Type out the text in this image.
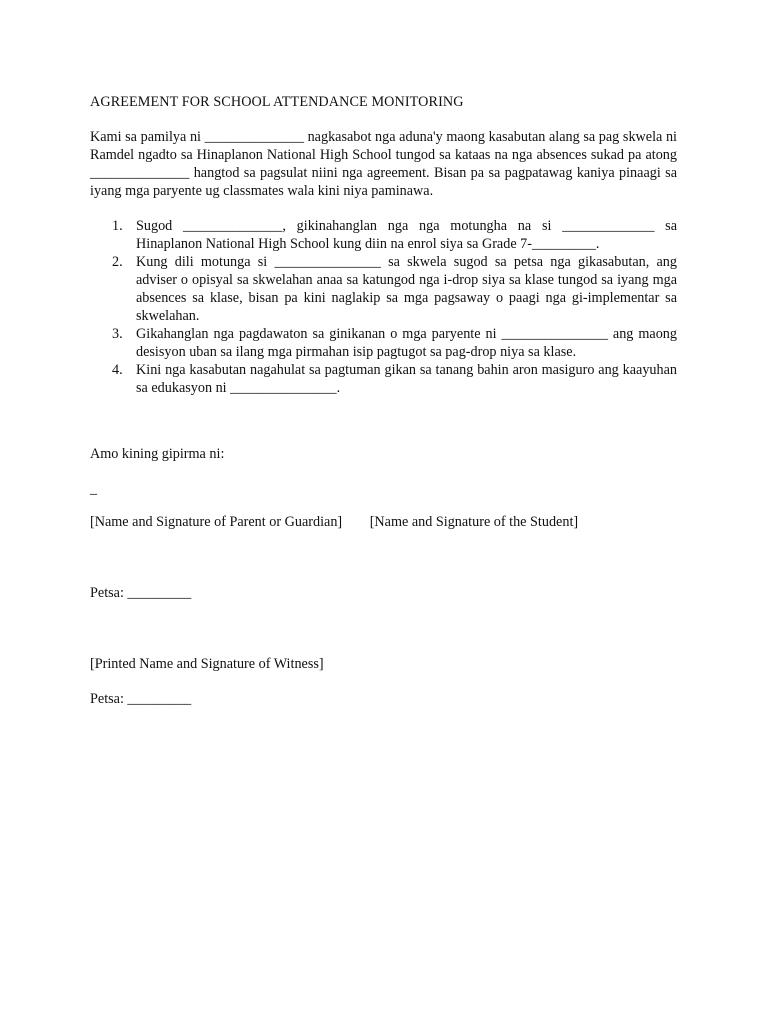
AGREEMENT FOR SCHOOL ATTENDANCE MONITORING

Kami sa pamilya ni ______________ nagkasabot nga aduna'y maong kasabutan alang sa pag skwela ni Ramdel ngadto sa Hinaplanon National High School tungod sa kataas na nga absences sukad pa atong ______________ hangtod sa pagsulat niini nga agreement. Bisan pa sa pagpatawag kaniya pinaagi sa iyang mga paryente ug classmates wala kini niya paminawa.

1. Sugod ______________, gikinahanglan nga nga motungha na si _____________ sa Hinaplanon National High School kung diin na enrol siya sa Grade 7-_________.
2. Kung dili motunga si _______________ sa skwela sugod sa petsa nga gikasabutan, ang adviser o opisyal sa skwelahan anaa sa katungod nga i-drop siya sa klase tungod sa iyang mga absences sa klase, bisan pa kini naglakip sa mga pagsaway o paagi nga gi-implementar sa skwelahan.
3. Gikahanglan nga pagdawaton sa ginikanan o mga paryente ni _______________ ang maong desisyon uban sa ilang mga pirmahan isip pagtugot sa pag-drop niya sa klase.
4. Kini nga kasabutan nagahulat sa pagtuman gikan sa tanang bahin aron masiguro ang kaayuhan sa edukasyon ni _______________.

Amo kining gipirma ni:

_

[Name and Signature of Parent or Guardian] [Name and Signature of the Student]

Petsa: _________

[Printed Name and Signature of Witness]

Petsa: _________
